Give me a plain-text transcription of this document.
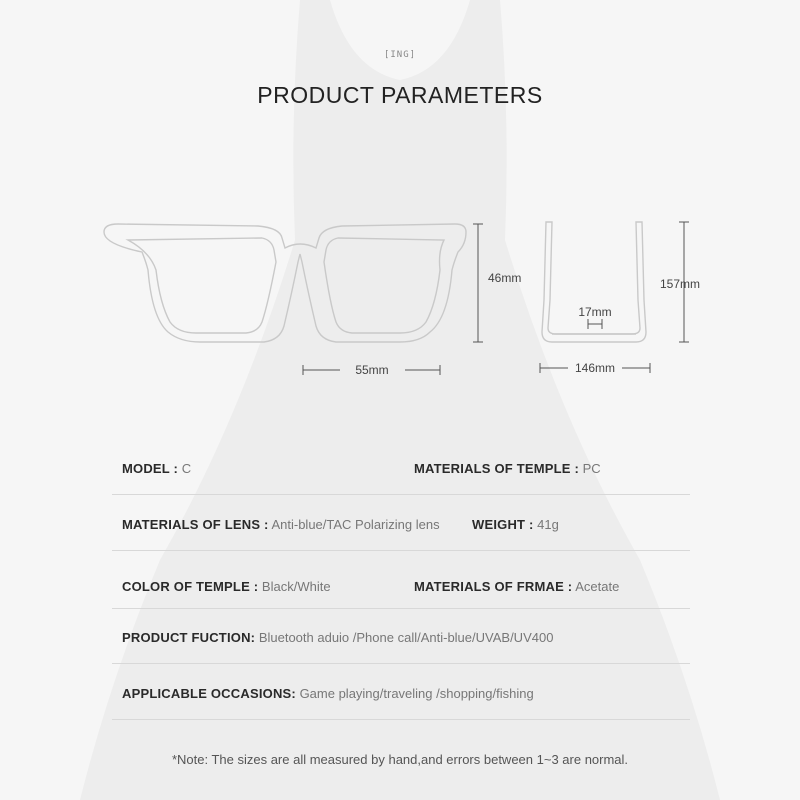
[ING]
PRODUCT PARAMETERS
46mm
55mm
17mm
146mm
157mm
MODEL : C	MATERIALS OF TEMPLE : PC
MATERIALS OF LENS : Anti-blue/TAC Polarizing lens WEIGHT : 41g
COLOR OF TEMPLE : Black/White	MATERIALS OF FRMAE : Acetate
PRODUCT FUCTION: Bluetooth aduio /Phone call/Anti-blue/UVAB/UV400
APPLICABLE OCCASIONS: Game playing/traveling /shopping/fishing
*Note: The sizes are all measured by hand,and errors between 1~3 are normal.
